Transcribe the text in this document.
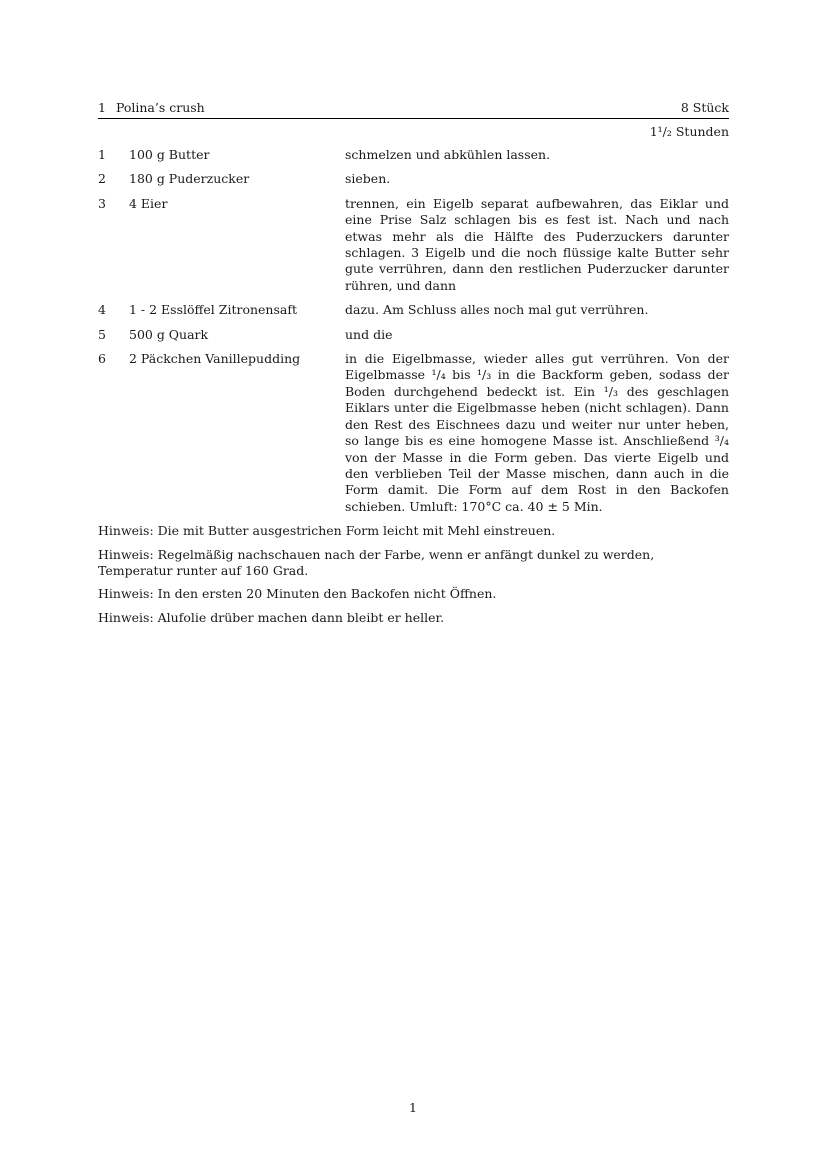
1 Polina’s crush	8 Stück
1¹/₂ Stunden
1	100 g Butter	schmelzen und abkühlen lassen.
2	180 g Puderzucker	sieben.
3	4 Eier	trennen, ein Eigelb separat aufbewahren, das Eiklar und eine Prise Salz schlagen bis es fest ist. Nach und nach etwas mehr als die Hälfte des Puderzuckers darunter schlagen. 3 Eigelb und die noch flüssige kalte Butter sehr gute verrühren, dann den restlichen Puderzucker darunter rühren, und dann
4	1 - 2 Esslöffel Zitronensaft	dazu. Am Schluss alles noch mal gut verrühren.
5	500 g Quark	und die
6	2 Päckchen Vanillepudding	in die Eigelbmasse, wieder alles gut verrühren. Von der Eigelbmasse ¹/₄ bis ¹/₃ in die Backform geben, sodass der Boden durchgehend bedeckt ist. Ein ¹/₃ des geschlagen Eiklars unter die Eigelbmasse heben (nicht schlagen). Dann den Rest des Eischnees dazu und weiter nur unter heben, so lange bis es eine homogene Masse ist. Anschließend ³/₄ von der Masse in die Form geben. Das vierte Eigelb und den verblieben Teil der Masse mischen, dann auch in die Form damit. Die Form auf dem Rost in den Backofen schieben. Umluft: 170°C ca. 40 ± 5 Min.
Hinweis: Die mit Butter ausgestrichen Form leicht mit Mehl einstreuen.
Hinweis: Regelmäßig nachschauen nach der Farbe, wenn er anfängt dunkel zu werden, Temperatur runter auf 160 Grad.
Hinweis: In den ersten 20 Minuten den Backofen nicht Öffnen.
Hinweis: Alufolie drüber machen dann bleibt er heller.
1
